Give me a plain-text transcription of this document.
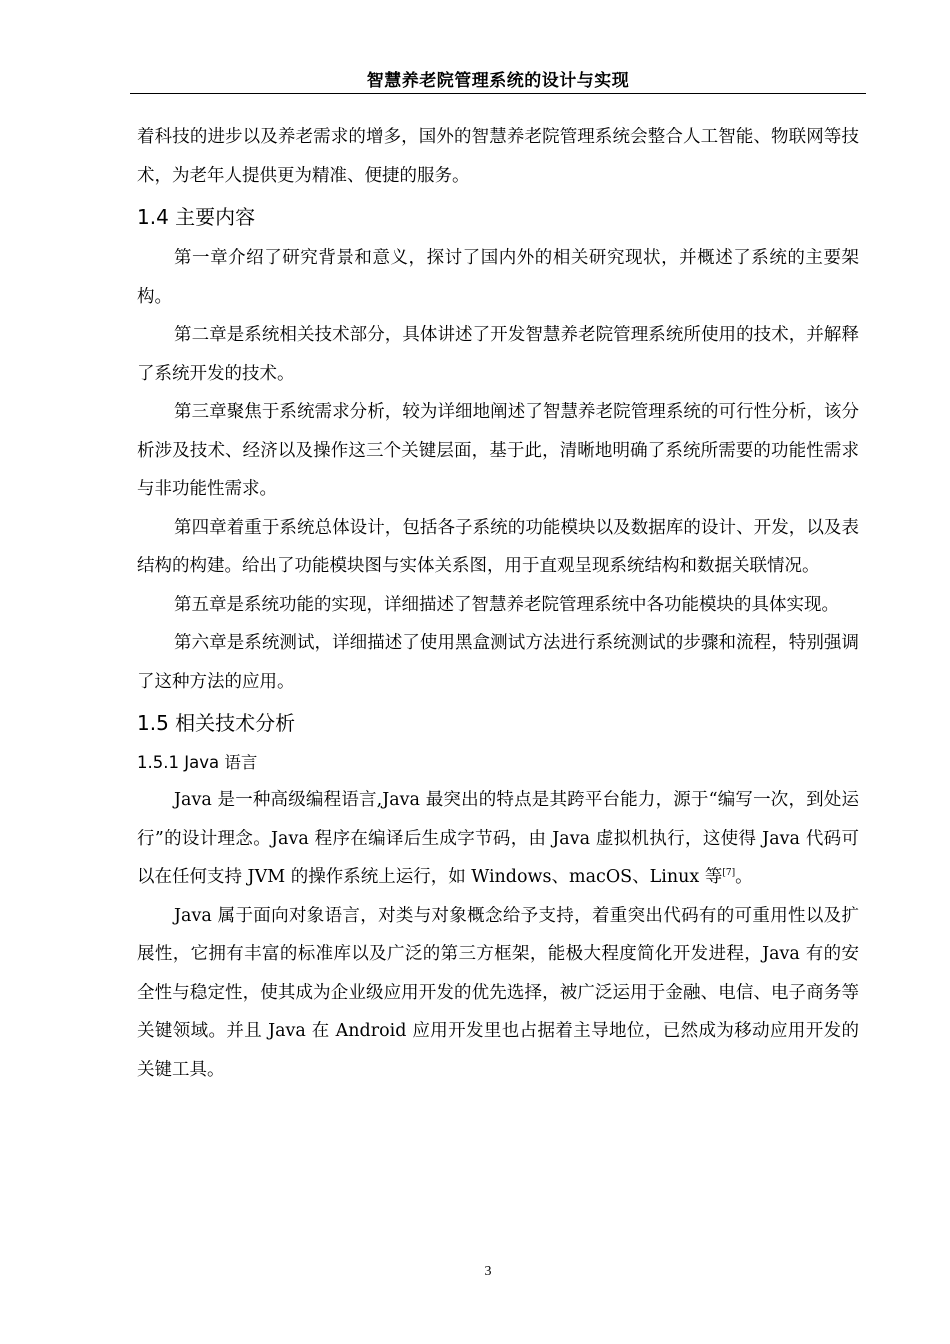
智慧养老院管理系统的设计与实现

着科技的进步以及养老需求的增多，国外的智慧养老院管理系统会整合人工智能、物联网等技术，为老年人提供更为精准、便捷的服务。

1.4 主要内容

第一章介绍了研究背景和意义，探讨了国内外的相关研究现状，并概述了系统的主要架构。

第二章是系统相关技术部分，具体讲述了开发智慧养老院管理系统所使用的技术，并解释了系统开发的技术。

第三章聚焦于系统需求分析，较为详细地阐述了智慧养老院管理系统的可行性分析，该分析涉及技术、经济以及操作这三个关键层面，基于此，清晰地明确了系统所需要的功能性需求与非功能性需求。

第四章着重于系统总体设计，包括各子系统的功能模块以及数据库的设计、开发，以及表结构的构建。给出了功能模块图与实体关系图，用于直观呈现系统结构和数据关联情况。

第五章是系统功能的实现，详细描述了智慧养老院管理系统中各功能模块的具体实现。

第六章是系统测试，详细描述了使用黑盒测试方法进行系统测试的步骤和流程，特别强调了这种方法的应用。

1.5 相关技术分析
1.5.1 Java 语言

Java 是一种高级编程语言,Java 最突出的特点是其跨平台能力，源于“编写一次，到处运行”的设计理念。Java 程序在编译后生成字节码，由 Java 虚拟机执行，这使得 Java 代码可以在任何支持 JVM 的操作系统上运行，如 Windows、macOS、Linux 等[7]。

Java 属于面向对象语言，对类与对象概念给予支持，着重突出代码有的可重用性以及扩展性，它拥有丰富的标准库以及广泛的第三方框架，能极大程度简化开发进程，Java 有的安全性与稳定性，使其成为企业级应用开发的优先选择，被广泛运用于金融、电信、电子商务等关键领域。并且 Java 在 Android 应用开发里也占据着主导地位，已然成为移动应用开发的关键工具。

3
